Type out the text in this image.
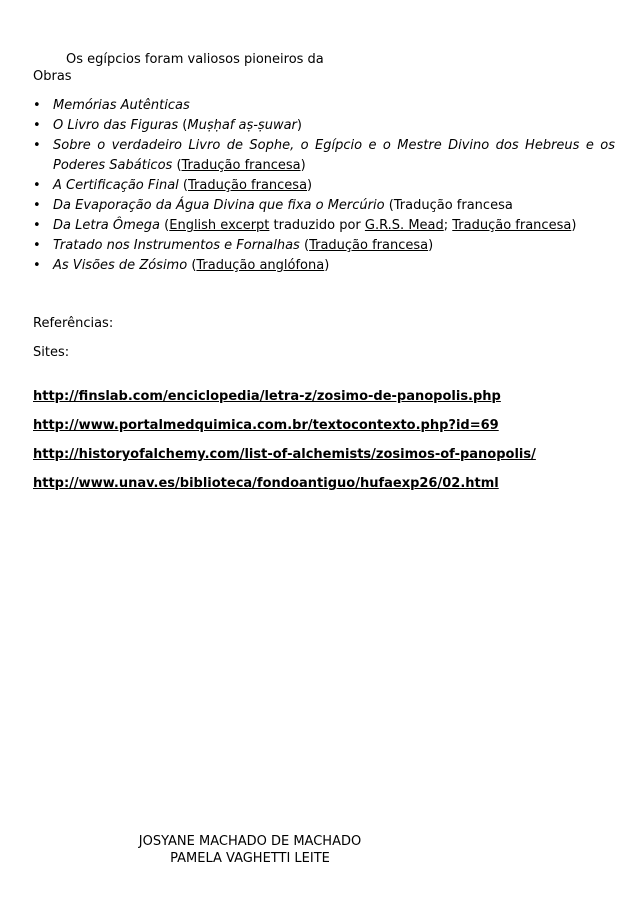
Os egípcios foram valiosos pioneiros da
Obras
• Memórias Autênticas
• O Livro das Figuras (Muṣḥaf aṣ-ṣuwar)
• Sobre o verdadeiro Livro de Sophe, o Egípcio e o Mestre Divino dos Hebreus e os Poderes Sabáticos (Tradução francesa)
• A Certificação Final (Tradução francesa)
• Da Evaporação da Água Divina que fixa o Mercúrio (Tradução francesa
• Da Letra Ômega (English excerpt traduzido por G.R.S. Mead; Tradução francesa)
• Tratado nos Instrumentos e Fornalhas (Tradução francesa)
• As Visões de Zósimo (Tradução anglófona)
Referências:
Sites:
http://finslab.com/enciclopedia/letra-z/zosimo-de-panopolis.php
http://www.portalmedquimica.com.br/textocontexto.php?id=69
http://historyofalchemy.com/list-of-alchemists/zosimos-of-panopolis/
http://www.unav.es/biblioteca/fondoantiguo/hufaexp26/02.html
JOSYANE MACHADO DE MACHADO
PAMELA VAGHETTI LEITE
